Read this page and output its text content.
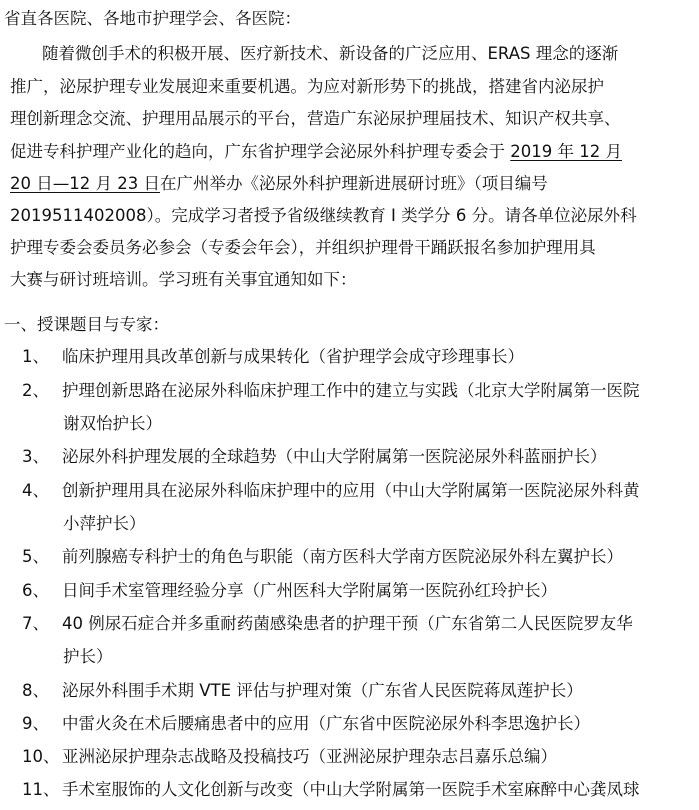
省直各医院、各地市护理学会、各医院：
随着微创手术的积极开展、医疗新技术、新设备的广泛应用、ERAS 理念的逐渐
推广，泌尿护理专业发展迎来重要机遇。为应对新形势下的挑战，搭建省内泌尿护
理创新理念交流、护理用品展示的平台，营造广东泌尿护理届技术、知识产权共享、
促进专科护理产业化的趋向，广东省护理学会泌尿外科护理专委会于 2019 年 12 月
20 日—12 月 23 日在广州举办《泌尿外科护理新进展研讨班》（项目编号
2019511402008）。完成学习者授予省级继续教育 I 类学分 6 分。请各单位泌尿外科
护理专委会委员务必参会（专委会年会），并组织护理骨干踊跃报名参加护理用具
大赛与研讨班培训。学习班有关事宜通知如下：
一、授课题目与专家：
1、 临床护理用具改革创新与成果转化（省护理学会成守珍理事长）
2、 护理创新思路在泌尿外科临床护理工作中的建立与实践（北京大学附属第一医院
谢双怡护长）
3、 泌尿外科护理发展的全球趋势（中山大学附属第一医院泌尿外科蓝丽护长）
4、 创新护理用具在泌尿外科临床护理中的应用（中山大学附属第一医院泌尿外科黄
小萍护长）
5、 前列腺癌专科护士的角色与职能（南方医科大学南方医院泌尿外科左翼护长）
6、 日间手术室管理经验分享（广州医科大学附属第一医院孙红玲护长）
7、 40 例尿石症合并多重耐药菌感染患者的护理干预（广东省第二人民医院罗友华
护长）
8、 泌尿外科围手术期 VTE 评估与护理对策（广东省人民医院蒋凤莲护长）
9、 中雷火灸在术后腰痛患者中的应用（广东省中医院泌尿外科李思逸护长）
10、 亚洲泌尿护理杂志战略及投稿技巧（亚洲泌尿护理杂志吕嘉乐总编）
11、 手术室服饰的人文化创新与改变（中山大学附属第一医院手术室麻醉中心龚凤球
